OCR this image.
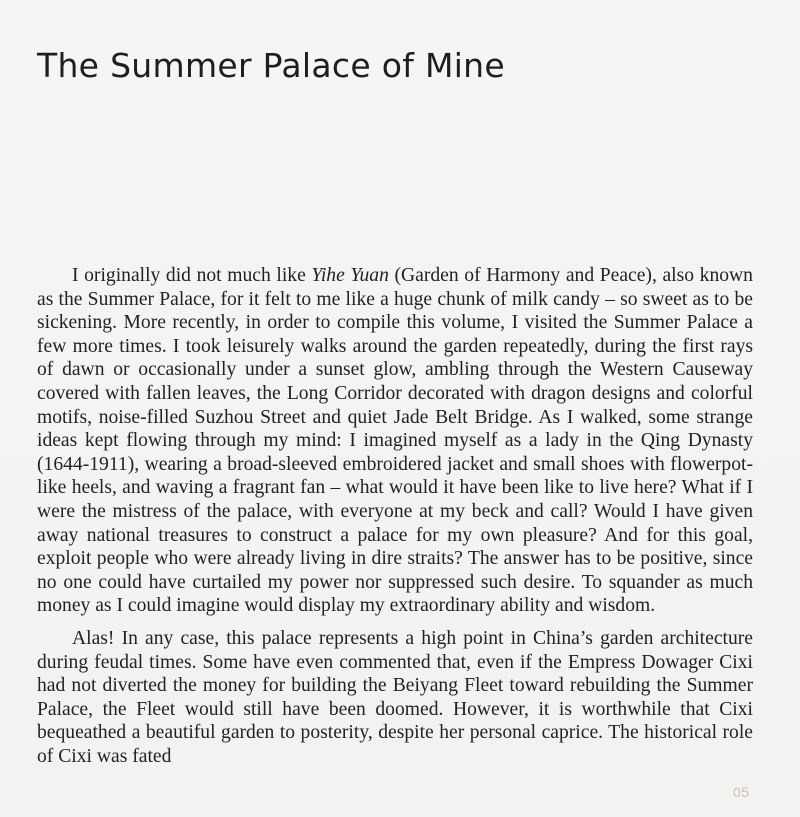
The Summer Palace of Mine

I originally did not much like Yihe Yuan (Garden of Harmony and Peace), also known as the Summer Palace, for it felt to me like a huge chunk of milk candy – so sweet as to be sickening. More recently, in order to compile this volume, I visited the Summer Palace a few more times. I took leisurely walks around the garden repeatedly, during the first rays of dawn or occasionally under a sunset glow, ambling through the Western Causeway covered with fallen leaves, the Long Corridor decorated with dragon designs and colorful motifs, noise-filled Suzhou Street and quiet Jade Belt Bridge. As I walked, some strange ideas kept flowing through my mind: I imagined myself as a lady in the Qing Dynasty (1644-1911), wearing a broad-sleeved embroidered jacket and small shoes with flowerpot-like heels, and waving a fragrant fan – what would it have been like to live here? What if I were the mistress of the palace, with everyone at my beck and call? Would I have given away national treasures to construct a palace for my own pleasure? And for this goal, exploit people who were already living in dire straits? The answer has to be positive, since no one could have curtailed my power nor suppressed such desire. To squander as much money as I could imagine would display my extraordinary ability and wisdom.

Alas! In any case, this palace represents a high point in China’s garden architecture during feudal times. Some have even commented that, even if the Empress Dowager Cixi had not diverted the money for building the Beiyang Fleet toward rebuilding the Summer Palace, the Fleet would still have been doomed. However, it is worthwhile that Cixi bequeathed a beautiful garden to posterity, despite her personal caprice. The historical role of Cixi was fated

05
